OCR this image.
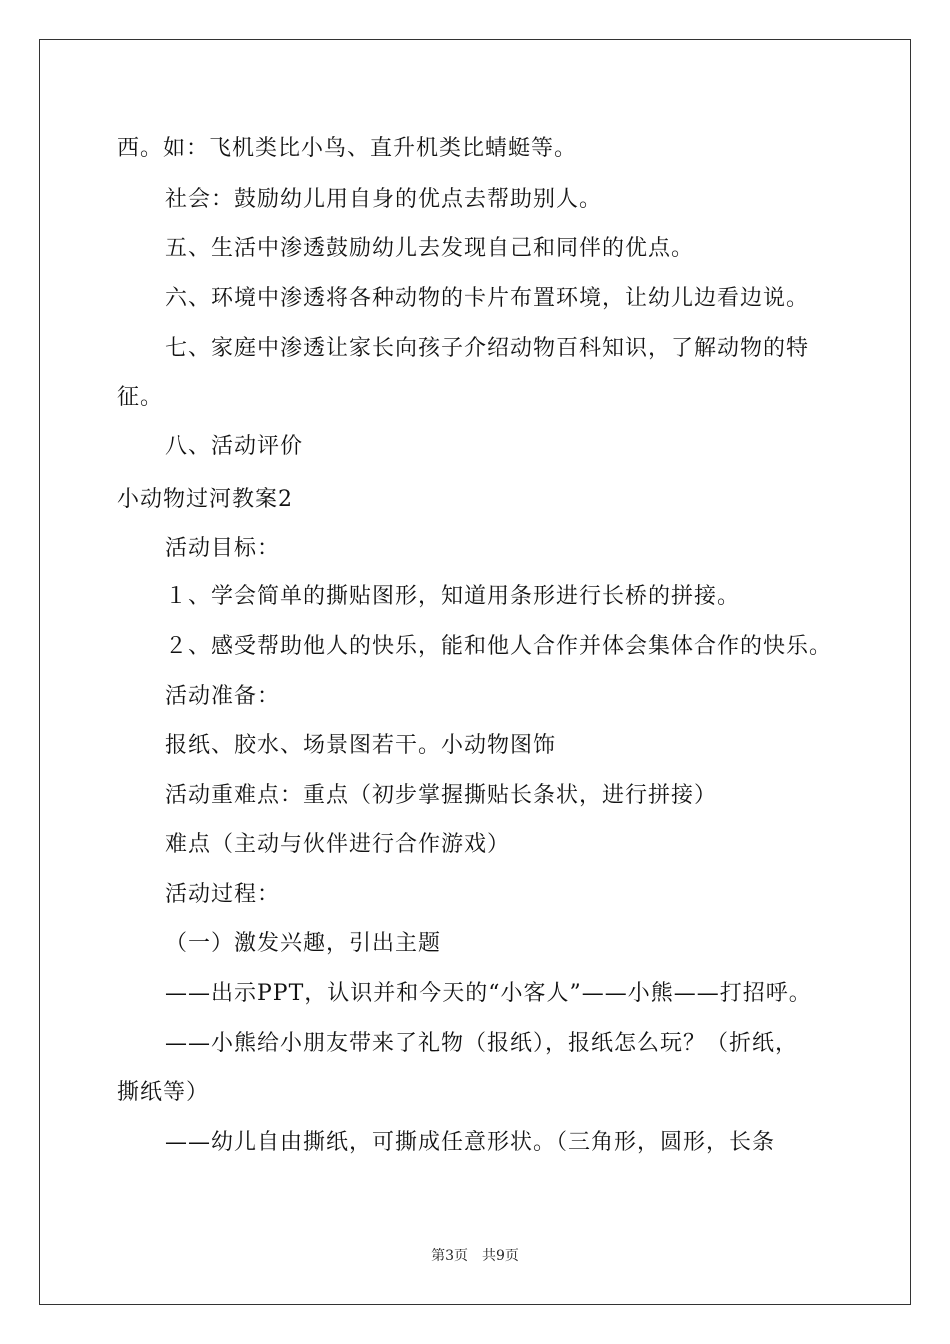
西。如：飞机类比小鸟、直升机类比蜻蜓等。
社会：鼓励幼儿用自身的优点去帮助别人。
五、生活中渗透鼓励幼儿去发现自己和同伴的优点。
六、环境中渗透将各种动物的卡片布置环境，让幼儿边看边说。
七、家庭中渗透让家长向孩子介绍动物百科知识，了解动物的特
征。
八、活动评价
小动物过河教案2
活动目标：
１、学会简单的撕贴图形，知道用条形进行长桥的拼接。
２、感受帮助他人的快乐，能和他人合作并体会集体合作的快乐。
活动准备：
报纸、胶水、场景图若干。小动物图饰
活动重难点：重点（初步掌握撕贴长条状，进行拼接）
难点（主动与伙伴进行合作游戏）
活动过程：
（一）激发兴趣，引出主题
——出示PPT，认识并和今天的“小客人”——小熊——打招呼。
——小熊给小朋友带来了礼物（报纸），报纸怎么玩？（折纸，
撕纸等）
——幼儿自由撕纸，可撕成任意形状。（三角形，圆形，长条
第3页 共9页
